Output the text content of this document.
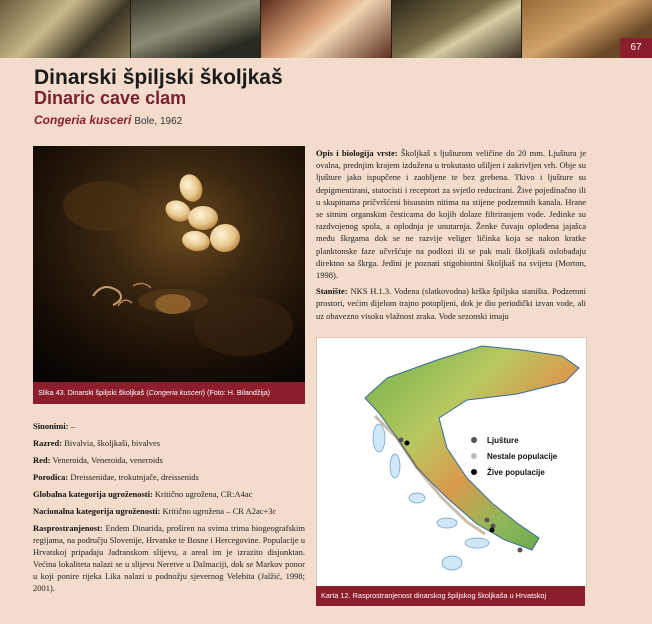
67
Dinarski špiljski školjkaš
Dinaric cave clam
Congeria kusceri Bole, 1962
Slika 43. Dinarski špiljski školjkaš (Congeria kusceri) (Foto: H. Bilandžija)

Opis i biologija vrste: Školjkaš s ljušturom veličine do 20 mm. Ljuštura je ovalna, prednjim krajem izdužena u trokutasto ušiljen i zakrivljen vrh. Obje su ljušture jako ispupčene i zaobljene te bez grebena. Tkivo i ljušture su depigmentirani, statocisti i receptori za svjetlo reducirani. Žive pojedinačno ili u skupinama pričvršćeni bisusnim nitima na stijene podzemnih kanala. Hrane se sitnim organskim česticama do kojih dolaze filtriranjem vode. Jedinke su razdvojenog spola, a oplodnja je unutarnja. Ženke čuvaju oplođena jajašca među škrgama dok se ne razvije veliger ličinka koja se nakon kratke planktonske faze učvršćuje na podlozi ili se pak mali školjkaši oslobađaju direktno sa škrga. Jedini je poznati stigobiontni školjkaš na svijetu (Morton, 1998).

Stanište: NKS H.1.3. Vodena (slatkovodna) krška špiljska staništa. Podzemni prostori, većim dijelom trajno potopljeni, dok je dio periodički izvan vode, ali uz obavezno visoku vlažnost zraka. Vode sezonski imaju

Ljušture
Nestale populacije
Žive populacije
Karta 12. Rasprostranjenost dinarskog špiljskog školjkaša u Hrvatskoj

Sinonimi: –

Razred: Bivalvia, školjkaši, bivalves

Red: Veneroida, Veneroida, veneroids

Porodica: Dreissenidae, trokutnjače, dreissenids

Globalna kategorija ugroženosti: Kritično ugrožena, CR:A4ac

Nacionalna kategorija ugroženosti: Kritično ugrožena – CR A2ac+3c

Rasprostranjenost: Endem Dinarida, proširen na svima trima biogeografskim regijama, na području Slovenije, Hrvatske te Bosne i Hercegovine. Populacije u Hrvatskoj pripadaju Jadranskom slijevu, a areal im je izrazito disjunktan. Većina lokaliteta nalazi se u slijevu Neretve u Dalmaciji, dok se Markov ponor u koji ponire rijeka Lika nalazi u podnožju sjevernog Velebita (Jalžić, 1998; 2001).
